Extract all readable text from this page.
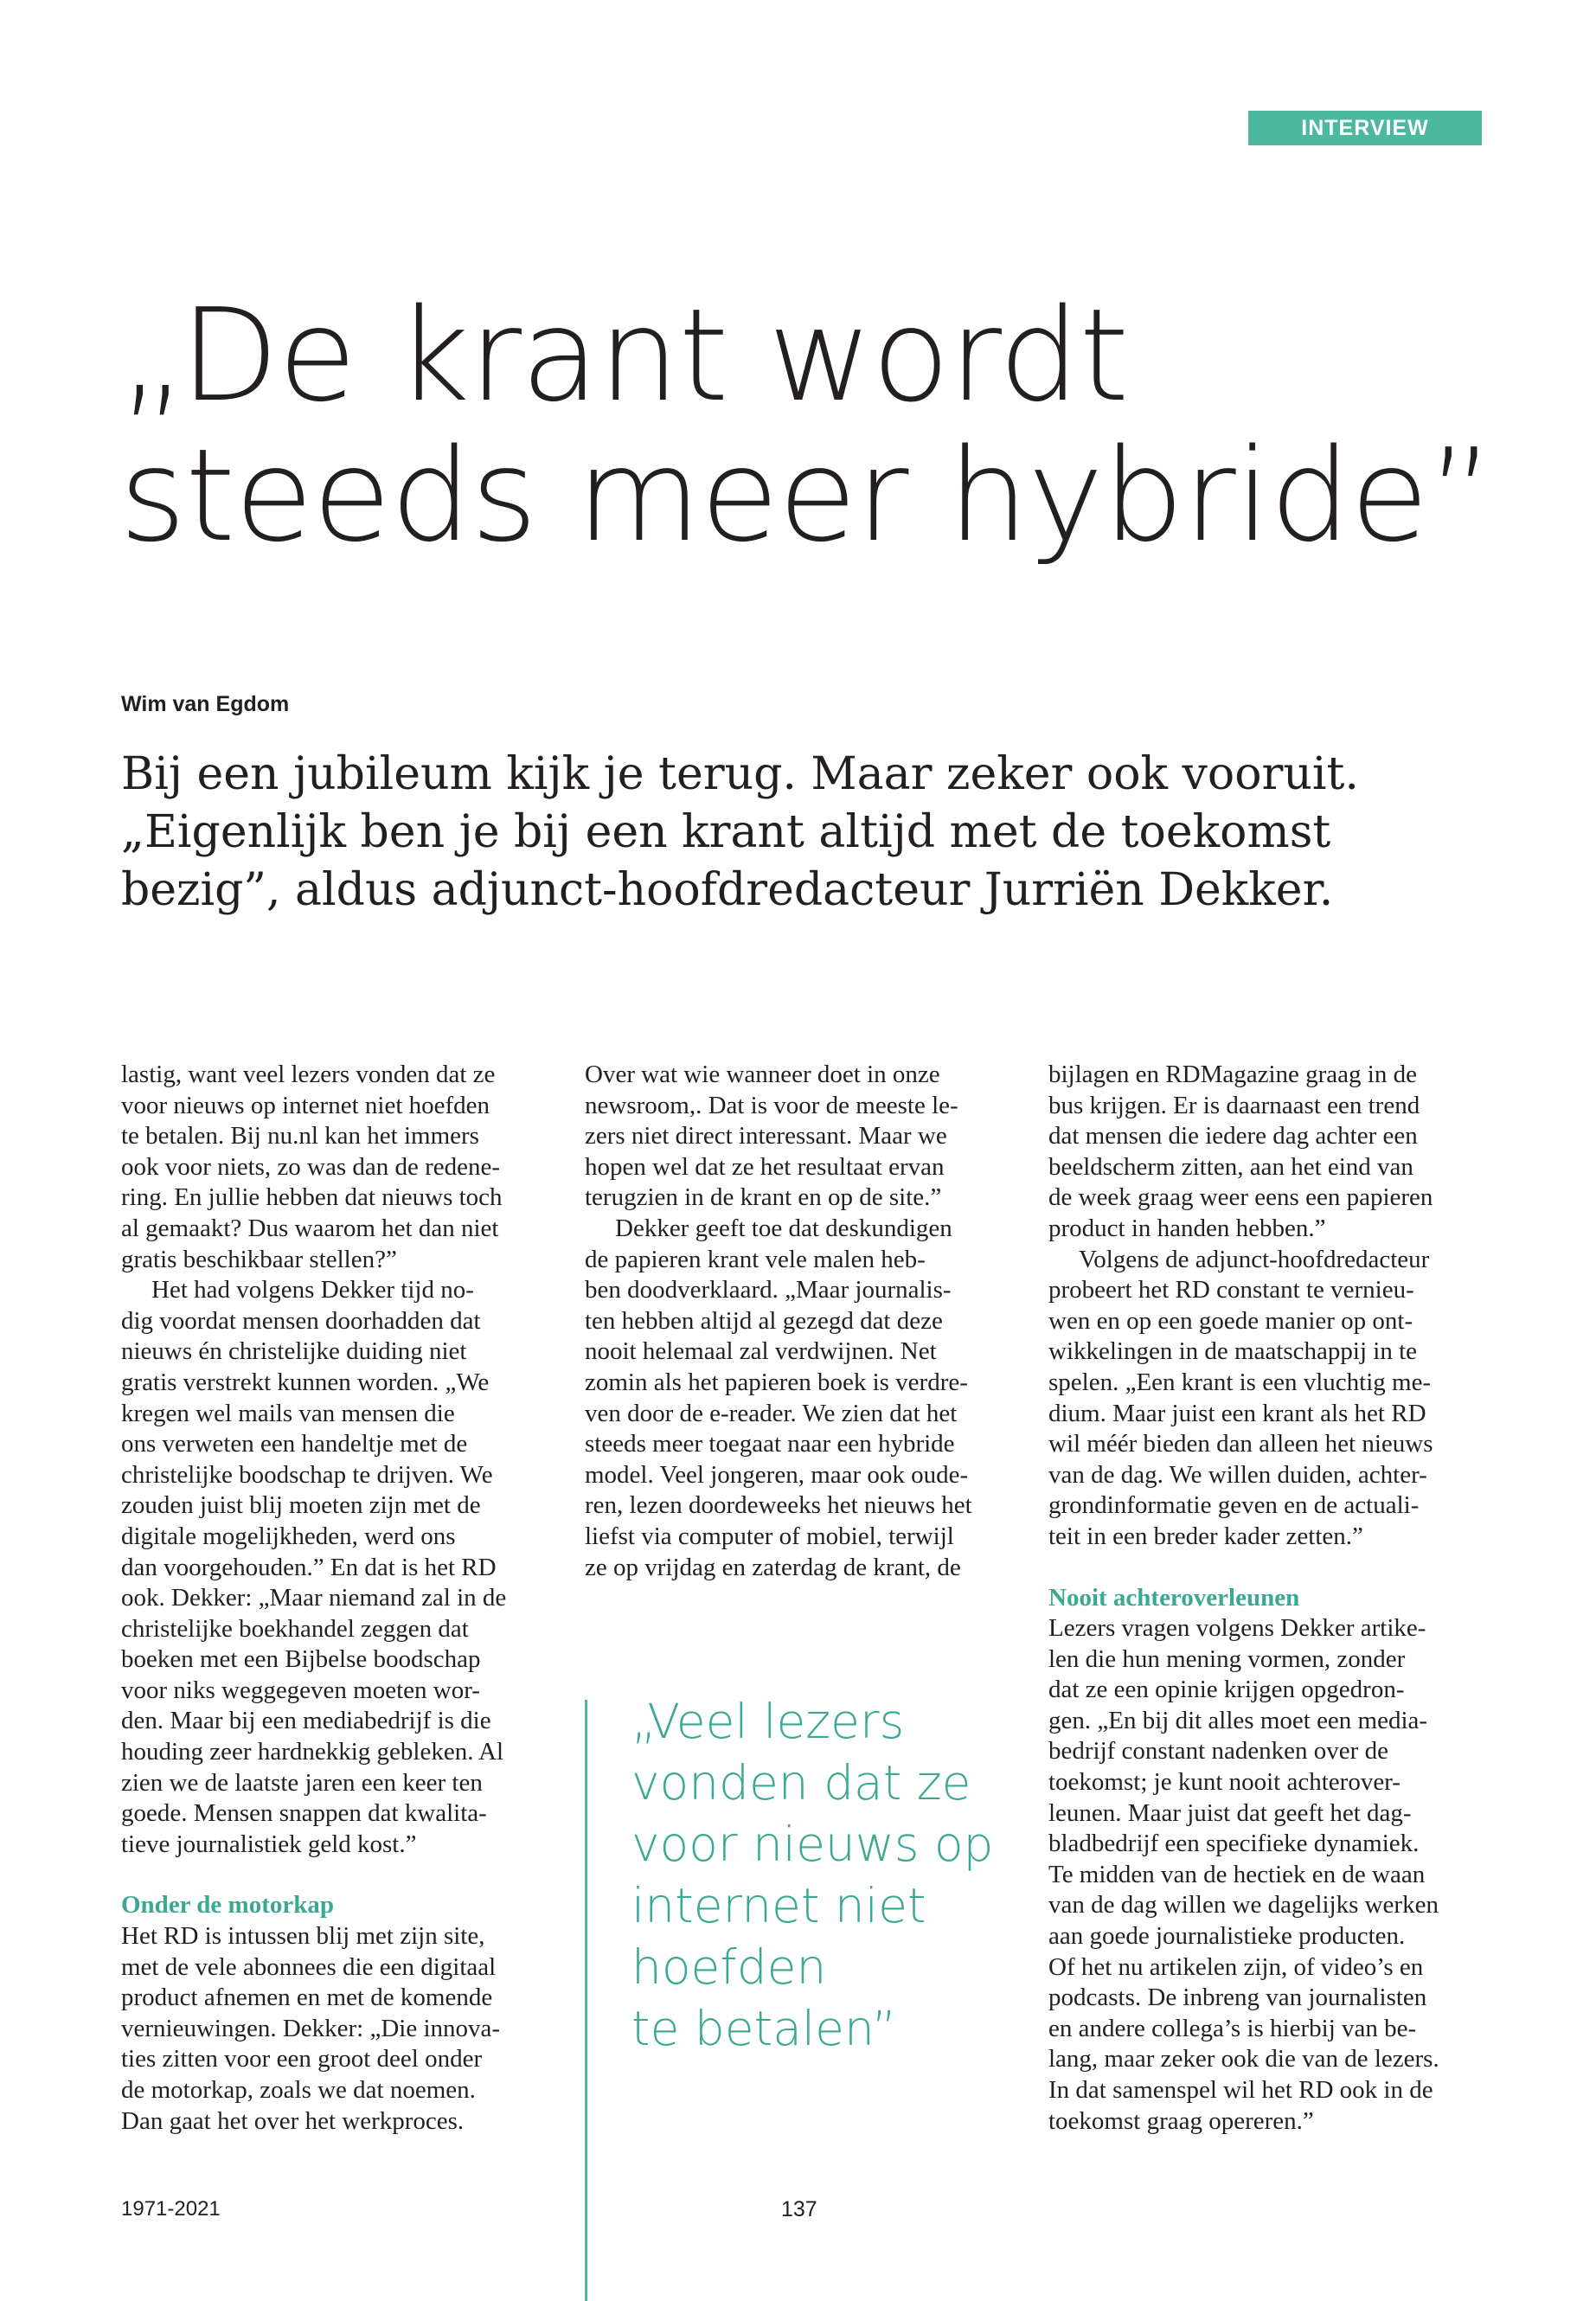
INTERVIEW
„De krant wordt
steeds meer hybride”
Wim van Egdom

Bij een jubileum kijk je terug. Maar zeker ook vooruit.
„Eigenlijk ben je bij een krant altijd met de toekomst
bezig”, aldus adjunct-hoofdredacteur Jurriën Dekker.

lastig, want veel lezers vonden dat ze
voor nieuws op internet niet hoefden
te betalen. Bij nu.nl kan het immers
ook voor niets, zo was dan de redene-
ring. En jullie hebben dat nieuws toch
al gemaakt? Dus waarom het dan niet
gratis beschikbaar stellen?”
Het had volgens Dekker tijd no-
dig voordat mensen doorhadden dat
nieuws én christelijke duiding niet
gratis verstrekt kunnen worden. „We
kregen wel mails van mensen die
ons verweten een handeltje met de
christelijke boodschap te drijven. We
zouden juist blij moeten zijn met de
digitale mogelijkheden, werd ons
dan voorgehouden.” En dat is het RD
ook. Dekker: „Maar niemand zal in de
christelijke boekhandel zeggen dat
boeken met een Bijbelse boodschap
voor niks weggegeven moeten wor-
den. Maar bij een mediabedrijf is die
houding zeer hardnekkig gebleken. Al
zien we de laatste jaren een keer ten
goede. Mensen snappen dat kwalita-
tieve journalistiek geld kost.”
Onder de motorkap
Het RD is intussen blij met zijn site,
met de vele abonnees die een digitaal
product afnemen en met de komende
vernieuwingen. Dekker: „Die innova-
ties zitten voor een groot deel onder
de motorkap, zoals we dat noemen.
Dan gaat het over het werkproces.
Over wat wie wanneer doet in onze
newsroom,. Dat is voor de meeste le-
zers niet direct interessant. Maar we
hopen wel dat ze het resultaat ervan
terugzien in de krant en op de site.”
Dekker geeft toe dat deskundigen
de papieren krant vele malen heb-
ben doodverklaard. „Maar journalis-
ten hebben altijd al gezegd dat deze
nooit helemaal zal verdwijnen. Net
zomin als het papieren boek is verdre-
ven door de e-reader. We zien dat het
steeds meer toegaat naar een hybride
model. Veel jongeren, maar ook oude-
ren, lezen doordeweeks het nieuws het
liefst via computer of mobiel, terwijl
ze op vrijdag en zaterdag de krant, de
„Veel lezers
vonden dat ze
voor nieuws op
internet niet
hoefden
te betalen”
bijlagen en RDMagazine graag in de
bus krijgen. Er is daarnaast een trend
dat mensen die iedere dag achter een
beeldscherm zitten, aan het eind van
de week graag weer eens een papieren
product in handen hebben.”
Volgens de adjunct-hoofdredacteur
probeert het RD constant te vernieu-
wen en op een goede manier op ont-
wikkelingen in de maatschappij in te
spelen. „Een krant is een vluchtig me-
dium. Maar juist een krant als het RD
wil méér bieden dan alleen het nieuws
van de dag. We willen duiden, achter-
grondinformatie geven en de actuali-
teit in een breder kader zetten.”
Nooit achteroverleunen
Lezers vragen volgens Dekker artike-
len die hun mening vormen, zonder
dat ze een opinie krijgen opgedron-
gen. „En bij dit alles moet een media-
bedrijf constant nadenken over de
toekomst; je kunt nooit achterover-
leunen. Maar juist dat geeft het dag-
bladbedrijf een specifieke dynamiek.
Te midden van de hectiek en de waan
van de dag willen we dagelijks werken
aan goede journalistieke producten.
Of het nu artikelen zijn, of video’s en
podcasts. De inbreng van journalisten
en andere collega’s is hierbij van be-
lang, maar zeker ook die van de lezers.
In dat samenspel wil het RD ook in de
toekomst graag opereren.”
1971-2021	137
